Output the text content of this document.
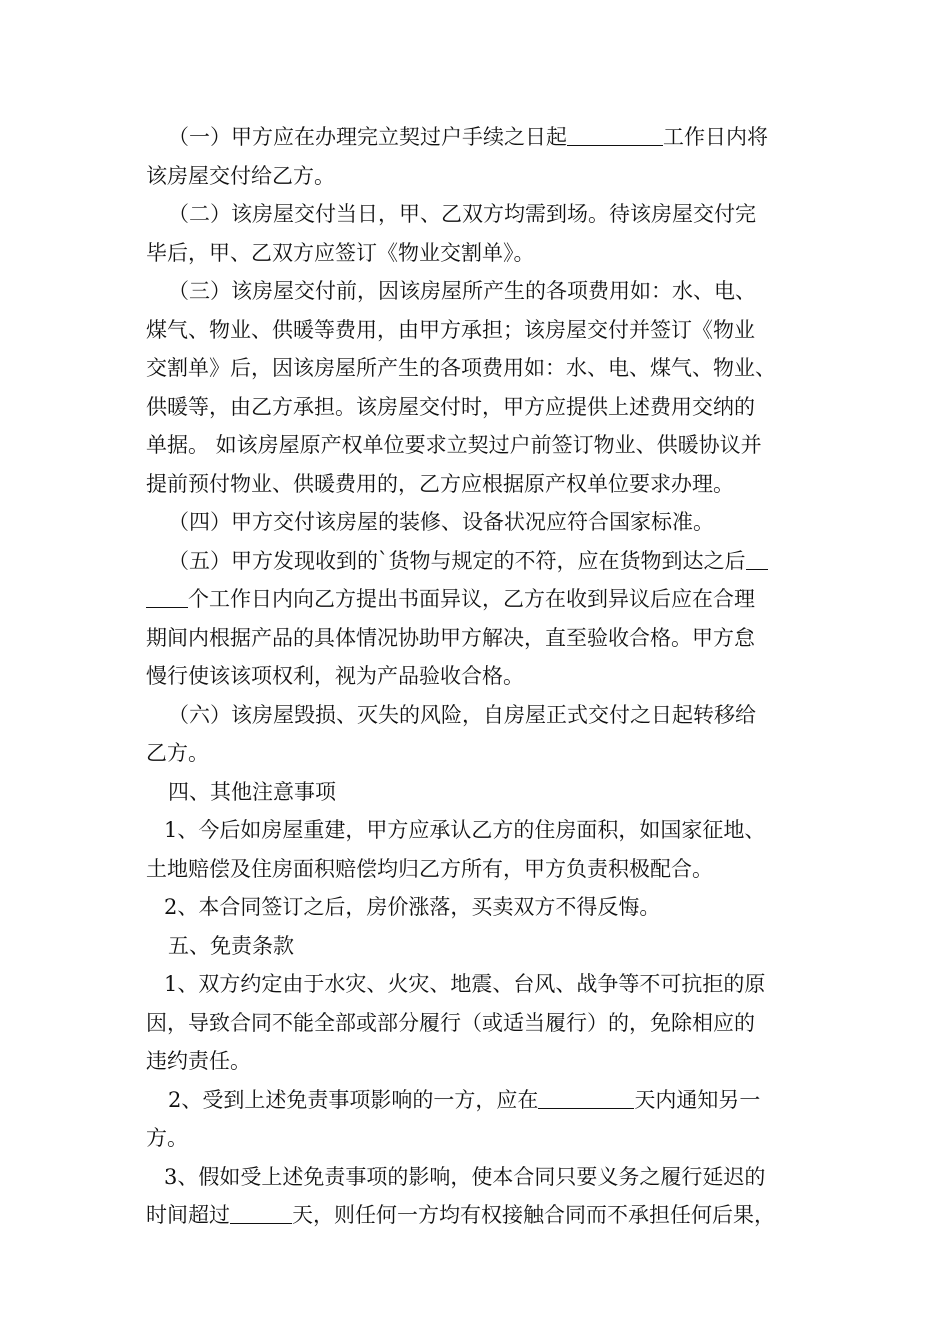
（一）甲方应在办理完立契过户手续之日起	工作日内将
该房屋交付给乙方。
（二）该房屋交付当日，甲、乙双方均需到场。待该房屋交付完
毕后，甲、乙双方应签订《物业交割单》。
（三）该房屋交付前，因该房屋所产生的各项费用如：水、电、
煤气、物业、供暖等费用，由甲方承担；该房屋交付并签订《物业
交割单》后，因该房屋所产生的各项费用如：水、电、煤气、物业、
供暖等，由乙方承担。该房屋交付时，甲方应提供上述费用交纳的
单据。 如该房屋原产权单位要求立契过户前签订物业、供暖协议并
提前预付物业、供暖费用的，乙方应根据原产权单位要求办理。
（四）甲方交付该房屋的装修、设备状况应符合国家标准。
（五）甲方发现收到的`货物与规定的不符，应在货物到达之后
个工作日内向乙方提出书面异议，乙方在收到异议后应在合理
期间内根据产品的具体情况协助甲方解决，直至验收合格。甲方怠
慢行使该该项权利，视为产品验收合格。
（六）该房屋毁损、灭失的风险，自房屋正式交付之日起转移给
乙方。
四、其他注意事项
1、今后如房屋重建，甲方应承认乙方的住房面积，如国家征地、
土地赔偿及住房面积赔偿均归乙方所有，甲方负责积极配合。
2、本合同签订之后，房价涨落，买卖双方不得反悔。
五、免责条款
1、双方约定由于水灾、火灾、地震、台风、战争等不可抗拒的原
因，导致合同不能全部或部分履行（或适当履行）的，免除相应的
违约责任。
2、受到上述免责事项影响的一方，应在	天内通知另一
方。
3、假如受上述免责事项的影响，使本合同只要义务之履行延迟的
时间超过	天，则任何一方均有权接触合同而不承担任何后果，
